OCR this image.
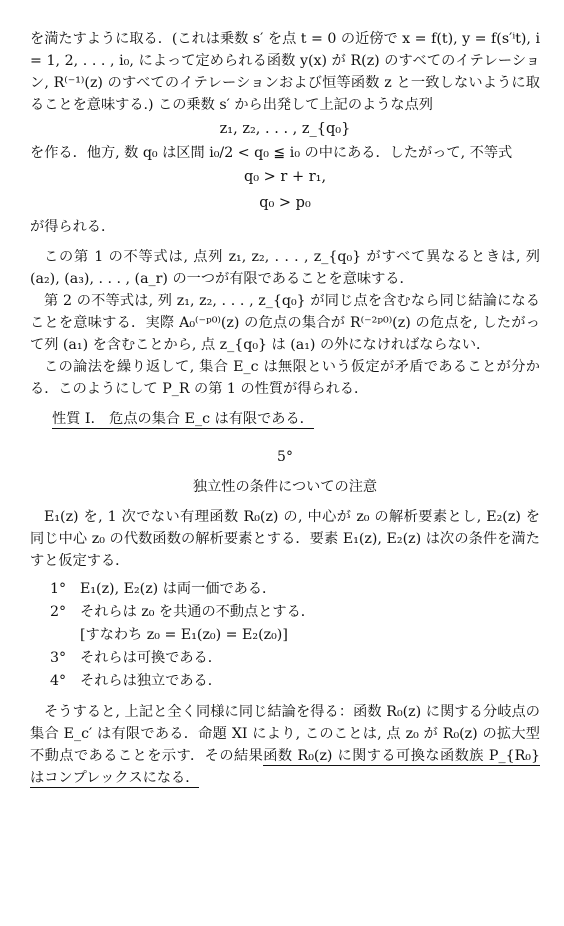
を満たすように取る．(これは乗数 s′ を点 t = 0 の近傍で x = f(t), y = f(s′ⁱt), i = 1, 2, . . . , i₀, によって定められる函数 y(x) が R(z) のすべてのイテレーション, R⁽⁻¹⁾(z) のすべてのイテレーションおよび恒等函数 z と一致しないように取ることを意味する.) この乗数 s′ から出発して上記のような点列

z₁, z₂, . . . , z_{q₀}

を作る．他方, 数 q₀ は区間 i₀/2 < q₀ ≦ i₀ の中にある．したがって, 不等式

q₀ > r + r₁,

q₀ > p₀

が得られる．

この第 1 の不等式は, 点列 z₁, z₂, . . . , z_{q₀} がすべて異なるときは, 列 (a₂), (a₃), . . . , (a_r) の一つが有限であることを意味する．

第 2 の不等式は, 列 z₁, z₂, . . . , z_{q₀} が同じ点を含むなら同じ結論になることを意味する．実際 A₀⁽⁻ᵖ⁰⁾(z) の危点の集合が R⁽⁻²ᵖ⁰⁾(z) の危点を, したがって列 (a₁) を含むことから, 点 z_{q₀} は (a₁) の外になければならない．

この論法を繰り返して, 集合 E_c は無限という仮定が矛盾であることが分かる．このようにして P_R の第 1 の性質が得られる．

性質 I.　危点の集合 E_c は有限である．

5°

独立性の条件についての注意

E₁(z) を, 1 次でない有理函数 R₀(z) の, 中心が z₀ の解析要素とし, E₂(z) を同じ中心 z₀ の代数函数の解析要素とする．要素 E₁(z), E₂(z) は次の条件を満たすと仮定する．

1° E₁(z), E₂(z) は両一価である．
2° それらは z₀ を共通の不動点とする．
[すなわち z₀ = E₁(z₀) = E₂(z₀)]
3° それらは可換である．
4° それらは独立である．

そうすると, 上記と全く同様に同じ結論を得る：函数 R₀(z) に関する分岐点の集合 E_c′ は有限である．命題 XI により, このことは, 点 z₀ が R₀(z) の拡大型不動点であることを示す．その結果函数 R₀(z) に関する可換な函数族 P_{R₀} はコンプレックスになる．
